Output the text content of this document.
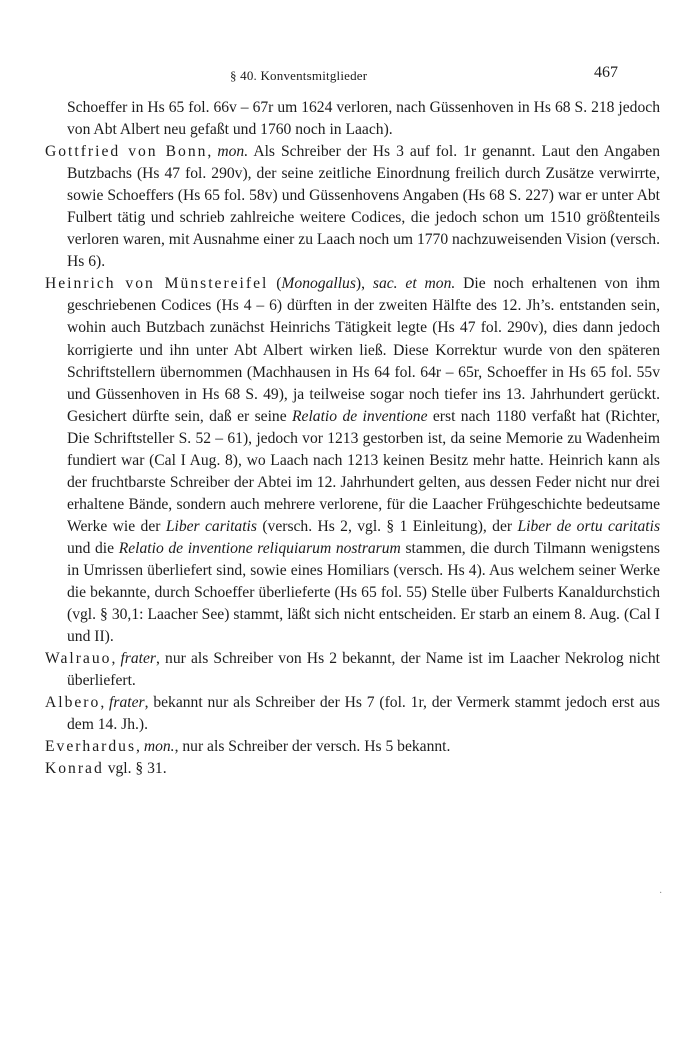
§ 40. Konventsmitglieder	467

Schoeffer in Hs 65 fol. 66v – 67r um 1624 verloren, nach Güssenhoven in Hs 68 S. 218 jedoch von Abt Albert neu gefaßt und 1760 noch in Laach).

Gottfried von Bonn, mon. Als Schreiber der Hs 3 auf fol. 1r genannt. Laut den Angaben Butzbachs (Hs 47 fol. 290v), der seine zeitliche Einordnung freilich durch Zusätze verwirrte, sowie Schoeffers (Hs 65 fol. 58v) und Güssenhovens Angaben (Hs 68 S. 227) war er unter Abt Fulbert tätig und schrieb zahlreiche weitere Codices, die jedoch schon um 1510 größtenteils verloren waren, mit Ausnahme einer zu Laach noch um 1770 nachzuweisenden Vision (versch. Hs 6).

Heinrich von Münstereifel (Monogallus), sac. et mon. Die noch erhaltenen von ihm geschriebenen Codices (Hs 4 – 6) dürften in der zweiten Hälfte des 12. Jh’s. entstanden sein, wohin auch Butzbach zunächst Heinrichs Tätigkeit legte (Hs 47 fol. 290v), dies dann jedoch korrigierte und ihn unter Abt Albert wirken ließ. Diese Korrektur wurde von den späteren Schriftstellern übernommen (Machhausen in Hs 64 fol. 64r – 65r, Schoeffer in Hs 65 fol. 55v und Güssenhoven in Hs 68 S. 49), ja teilweise sogar noch tiefer ins 13. Jahrhundert gerückt. Gesichert dürfte sein, daß er seine Relatio de inventione erst nach 1180 verfaßt hat (Richter, Die Schriftsteller S. 52 – 61), jedoch vor 1213 gestorben ist, da seine Memorie zu Wadenheim fundiert war (Cal I Aug. 8), wo Laach nach 1213 keinen Besitz mehr hatte. Heinrich kann als der fruchtbarste Schreiber der Abtei im 12. Jahrhundert gelten, aus dessen Feder nicht nur drei erhaltene Bände, sondern auch mehrere verlorene, für die Laacher Frühgeschichte bedeutsame Werke wie der Liber caritatis (versch. Hs 2, vgl. § 1 Einleitung), der Liber de ortu caritatis und die Relatio de inventione reliquiarum nostrarum stammen, die durch Tilmann wenigstens in Umrissen überliefert sind, sowie eines Homiliars (versch. Hs 4). Aus welchem seiner Werke die bekannte, durch Schoeffer überlieferte (Hs 65 fol. 55) Stelle über Fulberts Kanaldurchstich (vgl. § 30,1: Laacher See) stammt, läßt sich nicht entscheiden. Er starb an einem 8. Aug. (Cal I und II).

Walrauo, frater, nur als Schreiber von Hs 2 bekannt, der Name ist im Laacher Nekrolog nicht überliefert.

Albero, frater, bekannt nur als Schreiber der Hs 7 (fol. 1r, der Vermerk stammt jedoch erst aus dem 14. Jh.).

Everhardus, mon., nur als Schreiber der versch. Hs 5 bekannt.

Konrad vgl. § 31.

·
